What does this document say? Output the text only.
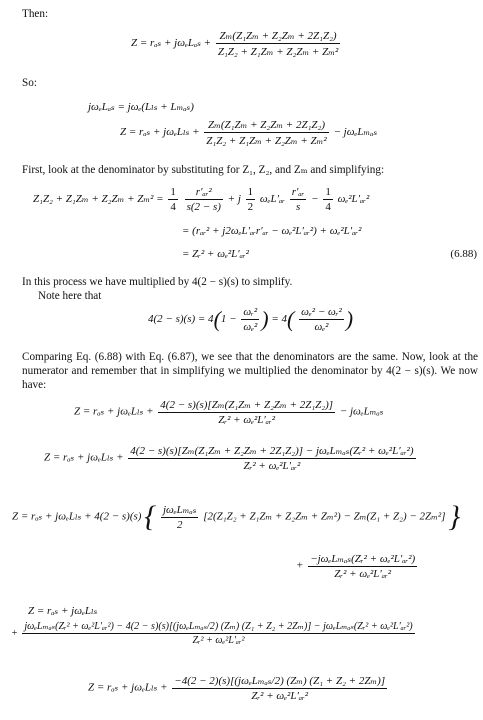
Then:
$Z = r_{as} + j\omega_eL_{as} + \frac{\text{Zₘ(Z₁Zₘ + Z₂Zₘ + 2Z₁Z₂)}}{\text{Z₁Z₂ + Z₁Zₘ + Z₂Zₘ + Zₘ²}}$
So:
jωₑLₐₛ = jωₑ(Lₗₛ + Lₘₐₛ)
$Z = r_{as} + j\omega_eL_{ls} + \frac{\text{Zₘ(Z₁Zₘ + Z₂Zₘ + 2Z₁Z₂)}}{\text{Z₁Z₂ + Z₁Zₘ + Z₂Zₘ + Zₘ²}} - j\omega_eL_{mas}$
First, look at the denominator by substituting for Z₁, Z₂, and Zₘ and simplifying:
$Z_1Z_2 + Z_1Z_m + Z_2Z_m + Z_m^2 = \frac{1}{4}$
$\frac{\text{r′ₐᵣ²}}{s(2 - s)} + j \frac{1}{2}$ ωₑL′ₐᵣ $\frac{\text{r′ₐᵣ}}{s} - \frac{1}{4}$ ωₑ²L′ₐᵣ²
= (rₐᵣ² + j2ωₑL′ₐᵣr′ₐᵣ − ωₑ²L′ₐᵣ²) + ωₑ²L′ₐᵣ²
= Zᵣ² + ωₑ²L′ₐᵣ²	(6.88)
In this process we have multiplied by 4(2 − s)(s) to simplify.
Note here that
$4(2 - s)(s) = 4(1 - \frac{\text{ωᵣ²}}{\text{ωₑ²}}$ ) = $4( \frac{\text{ωₑ² − ωᵣ²}}{\text{ωₑ²}}$ )
Comparing Eq. (6.88) with Eq. (6.87), we see that the denominators are the same. Now, look at the numerator and remember that in simplifying we multiplied the denominator by 4(2 − s)(s). We now have:
$Z = r_{as} + j\omega_eL_{ls} + \frac{\text{4(2 − s)(s)[Zₘ(Z₁Zₘ + Z₂Zₘ + 2Z₁Z₂)]}}{\text{Zᵣ² + ωₑ²L′ₐᵣ²}} - j\omega_eL_{mas}$
Z = rₐₛ + jωₑLₗₛ +
4(2 − s)(s)[Zₘ(Z₁Zₘ + Z₂Zₘ + 2Z₁Z₂)] − jωₑLₘₐₛ(Zᵣ² + ωₑ²L′ₐᵣ²)
Zᵣ² + ωₑ²L′ₐᵣ²
Z = rₐₛ + jωₑLₗₛ + 4(2 − s)(s) { $\frac{\text{jωₑLₘₐₛ}}{2} [2(Z_1Z_2 + Z_1Z_m + Z_2Z_m + Z_m^2) - Z_m(Z_1 + Z_2) - 2Z_m^2]$ }
+ $\frac{\text{−jωₑLₘₐₛ(Zᵣ² + ωₑ²L′ₐᵣ²)}}{\text{Zᵣ² + ωₑ²L′ₐᵣ²}}$
Z = rₐₛ + jωₑLₗₛ
+
jωₑLₘₐₛ(Zᵣ² + ωₑ²L′ₐᵣ²) − 4(2 − s)(s)[(jωₑLₘₐₛ/2) (Zₘ) (Z₁ + Z₂ + 2Zₘ)] − jωₑLₘₐₛ(Zᵣ² + ωₑ²L′ₐᵣ²)
Zᵣ² + ωₑ²L′ₐᵣ²
$Z = r_{as} + j\omega_eL_{ls} + \frac{\text{−4(2 − 2)(s)[(jωₑLₘₐₛ/2) (Zₘ) (Z₁ + Z₂ + 2Zₘ)]}}{\text{Zᵣ² + ωₑ²L′ₐᵣ²}}$
